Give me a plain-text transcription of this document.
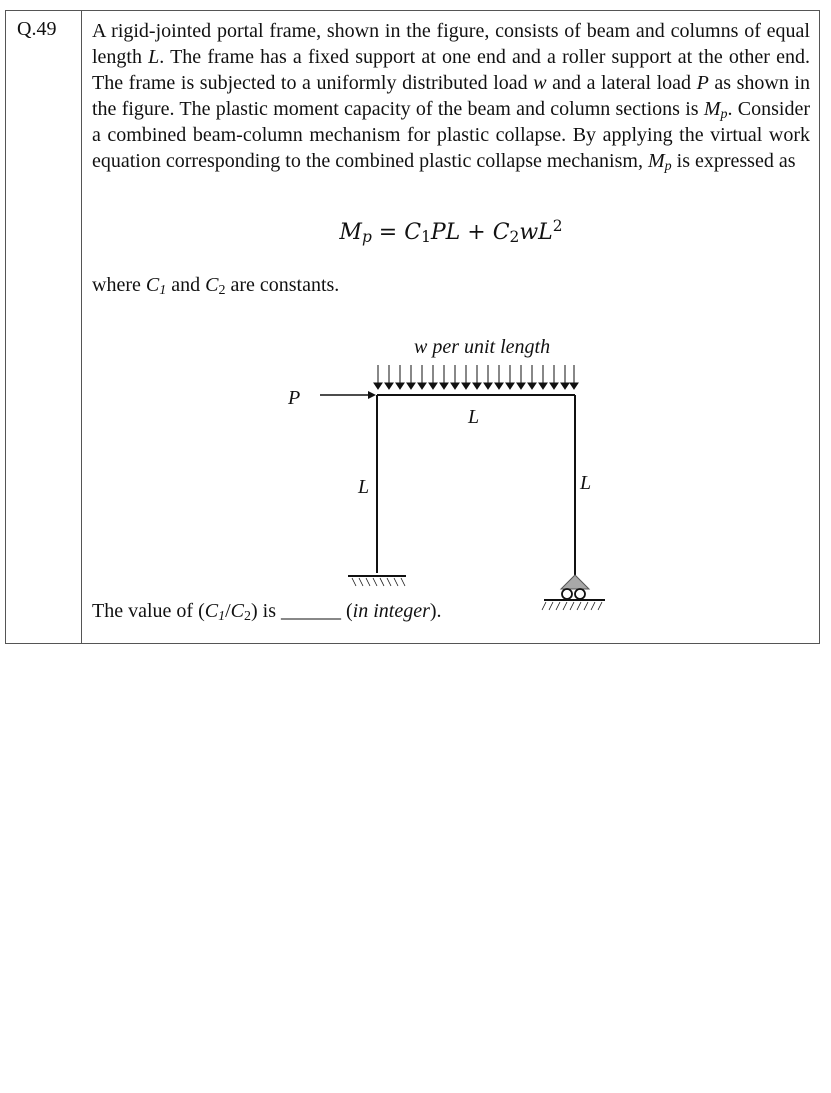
Q.49 A rigid-jointed portal frame, shown in the figure, consists of beam and columns of equal length L. The frame has a fixed support at one end and a roller support at the other end. The frame is subjected to a uniformly distributed load w and a lateral load P as shown in the figure. The plastic moment capacity of the beam and column sections is $M_p$. Consider a combined beam-column mechanism for plastic collapse. By applying the virtual work equation corresponding to the combined plastic collapse mechanism, $M_p$ is expressed as

$M_p = C_1PL + C_2wL^2$
where $C_1$ and $C_2$ are constants.
w per unit length
P
L
L	L
The value of $(C_1/C_2)$ is ______ (in integer).
